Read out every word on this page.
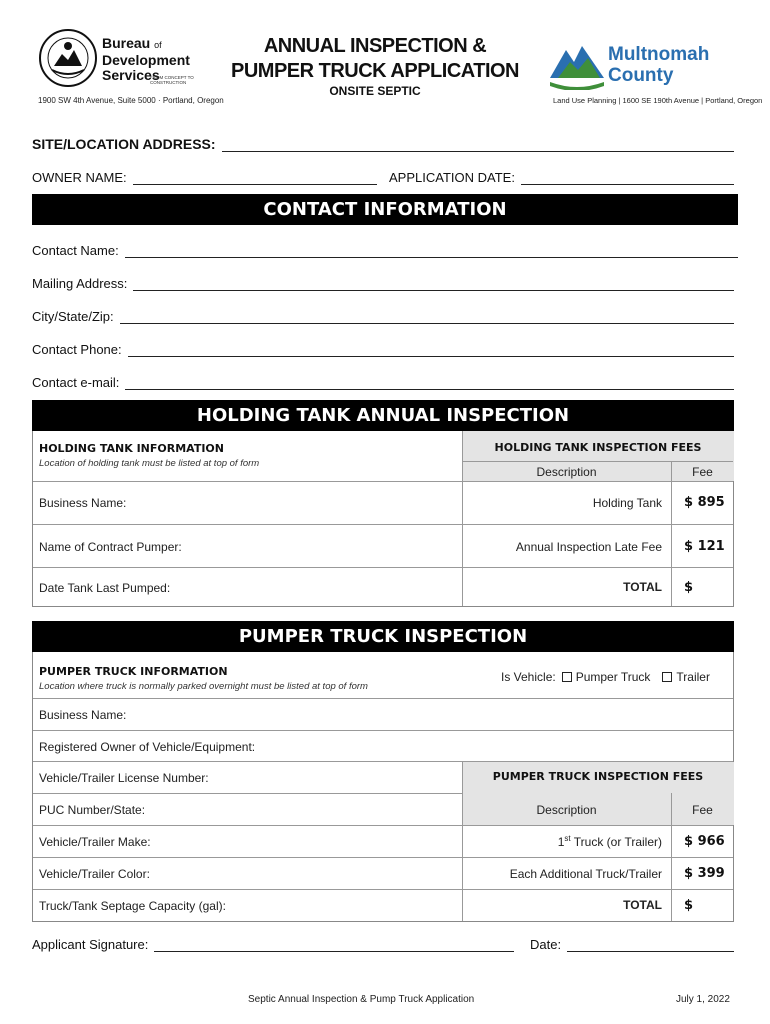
Bureau of
Development
Services
FROM CONCEPT TO CONSTRUCTION
1900 SW 4th Avenue, Suite 5000 · Portland, Oregon
ANNUAL INSPECTION &
PUMPER TRUCK APPLICATION
ONSITE SEPTIC
Multnomah
County
Land Use Planning | 1600 SE 190th Avenue | Portland, Oregon
SITE/LOCATION ADDRESS:
OWNER NAME:	APPLICATION DATE:
CONTACT INFORMATION
Contact Name:
Mailing Address:
City/State/Zip:
Contact Phone:
Contact e-mail:
HOLDING TANK ANNUAL INSPECTION
HOLDING TANK INFORMATION
Location of holding tank must be listed at top of form
HOLDING TANK INSPECTION FEES
Description	Fee
Business Name:	Holding Tank $ 895
Name of Contract Pumper:	Annual Inspection Late Fee $ 121
Date Tank Last Pumped:	TOTAL $
PUMPER TRUCK INSPECTION
PUMPER TRUCK INFORMATION
Location where truck is normally parked overnight must be listed at top of form
Is Vehicle: Pumper Truck Trailer
Business Name:
Registered Owner of Vehicle/Equipment:
PUMPER TRUCK INSPECTION FEES
Vehicle/Trailer License Number:
PUC Number/State:	Description	Fee
Vehicle/Trailer Make:	1st Truck (or Trailer) $ 966
Vehicle/Trailer Color:	Each Additional Truck/Trailer $ 399
Truck/Tank Septage Capacity (gal):	TOTAL $
Applicant Signature:	Date:
Septic Annual Inspection & Pump Truck Application	July 1, 2022
